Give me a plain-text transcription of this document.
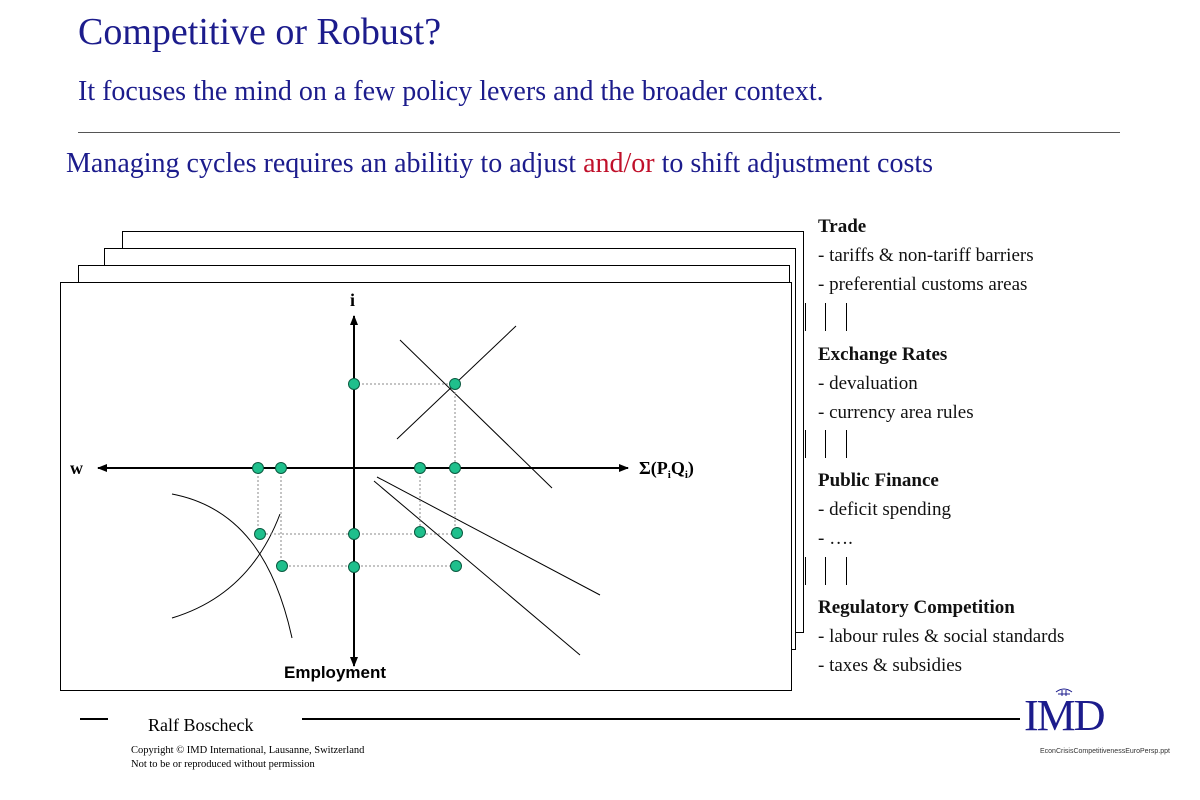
Competitive or Robust?
It focuses the mind on a few policy levers and the broader context.
Managing cycles requires an abilitiy to adjust and/or to shift adjustment costs
i
w	$\Sigma(P_iQ_i)$
Employment
Trade
- tariffs & non-tariff barriers
- preferential customs areas
Exchange Rates
- devaluation
- currency area rules
Public Finance
- deficit spending
- ….
Regulatory Competition
- labour rules & social standards
- taxes & subsidies
Ralf Boscheck
Copyright © IMD International, Lausanne, Switzerland
Not to be or reproduced without permission
EconCrisisCompetitivenessEuroPersp.ppt
IMD
